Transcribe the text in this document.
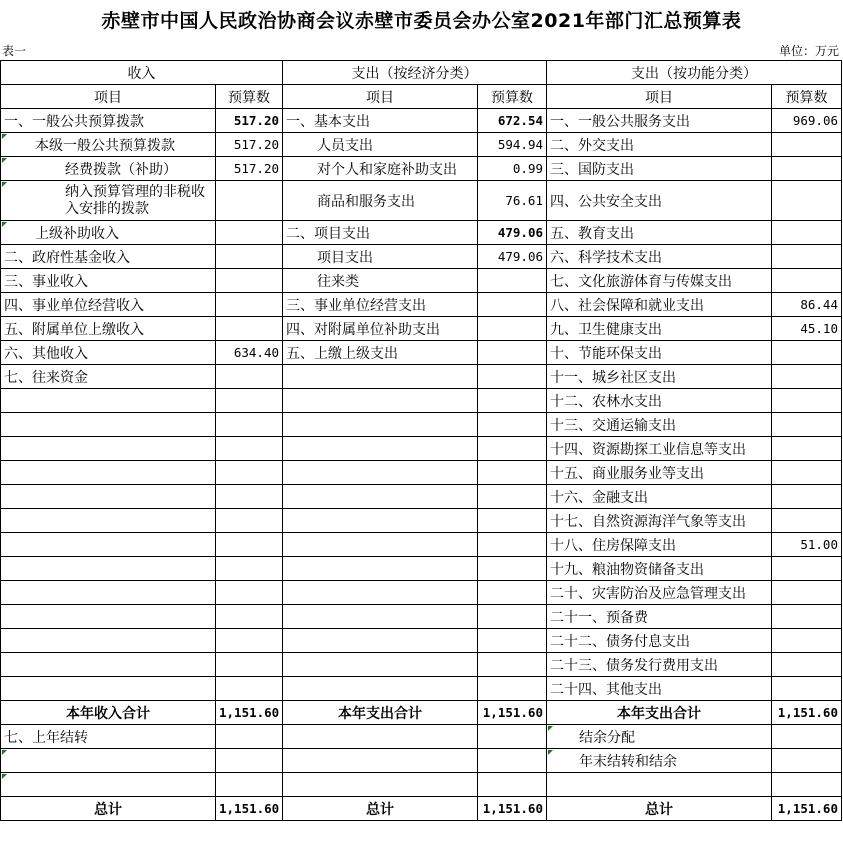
赤壁市中国人民政治协商会议赤壁市委员会办公室2021年部门汇总预算表
表一	单位：万元
收入		支出（按经济分类）		支出（按功能分类）	
项目	预算数	项目	预算数	项目	预算数
一、一般公共预算拨款	517.20	一、基本支出	672.54	一、一般公共服务支出	969.06
本级一般公共预算拨款	517.20	人员支出	594.94	二、外交支出	
经费拨款（补助）	517.20	对个人和家庭补助支出	0.99	三、国防支出	
纳入预算管理的非税收入安排的拨款		商品和服务支出	76.61	四、公共安全支出	
上级补助收入		二、项目支出	479.06	五、教育支出	
二、政府性基金收入		项目支出	479.06	六、科学技术支出	
三、事业收入		往来类		七、文化旅游体育与传媒支出	
四、事业单位经营收入		三、事业单位经营支出		八、社会保障和就业支出	86.44
五、附属单位上缴收入		四、对附属单位补助支出		九、卫生健康支出	45.10
六、其他收入	634.40	五、上缴上级支出		十、节能环保支出	
七、往来资金				十一、城乡社区支出	
				十二、农林水支出	
				十三、交通运输支出	
				十四、资源勘探工业信息等支出	
				十五、商业服务业等支出	
				十六、金融支出	
				十七、自然资源海洋气象等支出	
				十八、住房保障支出	51.00
				十九、粮油物资储备支出	
				二十、灾害防治及应急管理支出	
				二十一、预备费	
				二十二、债务付息支出	
				二十三、债务发行费用支出	
				二十四、其他支出	
本年收入合计	1,151.60	本年支出合计	1,151.60	本年支出合计	1,151.60
七、上年结转				结余分配	
				年末结转和结余	

总计	1,151.60	总计	1,151.60	总计	1,151.60
